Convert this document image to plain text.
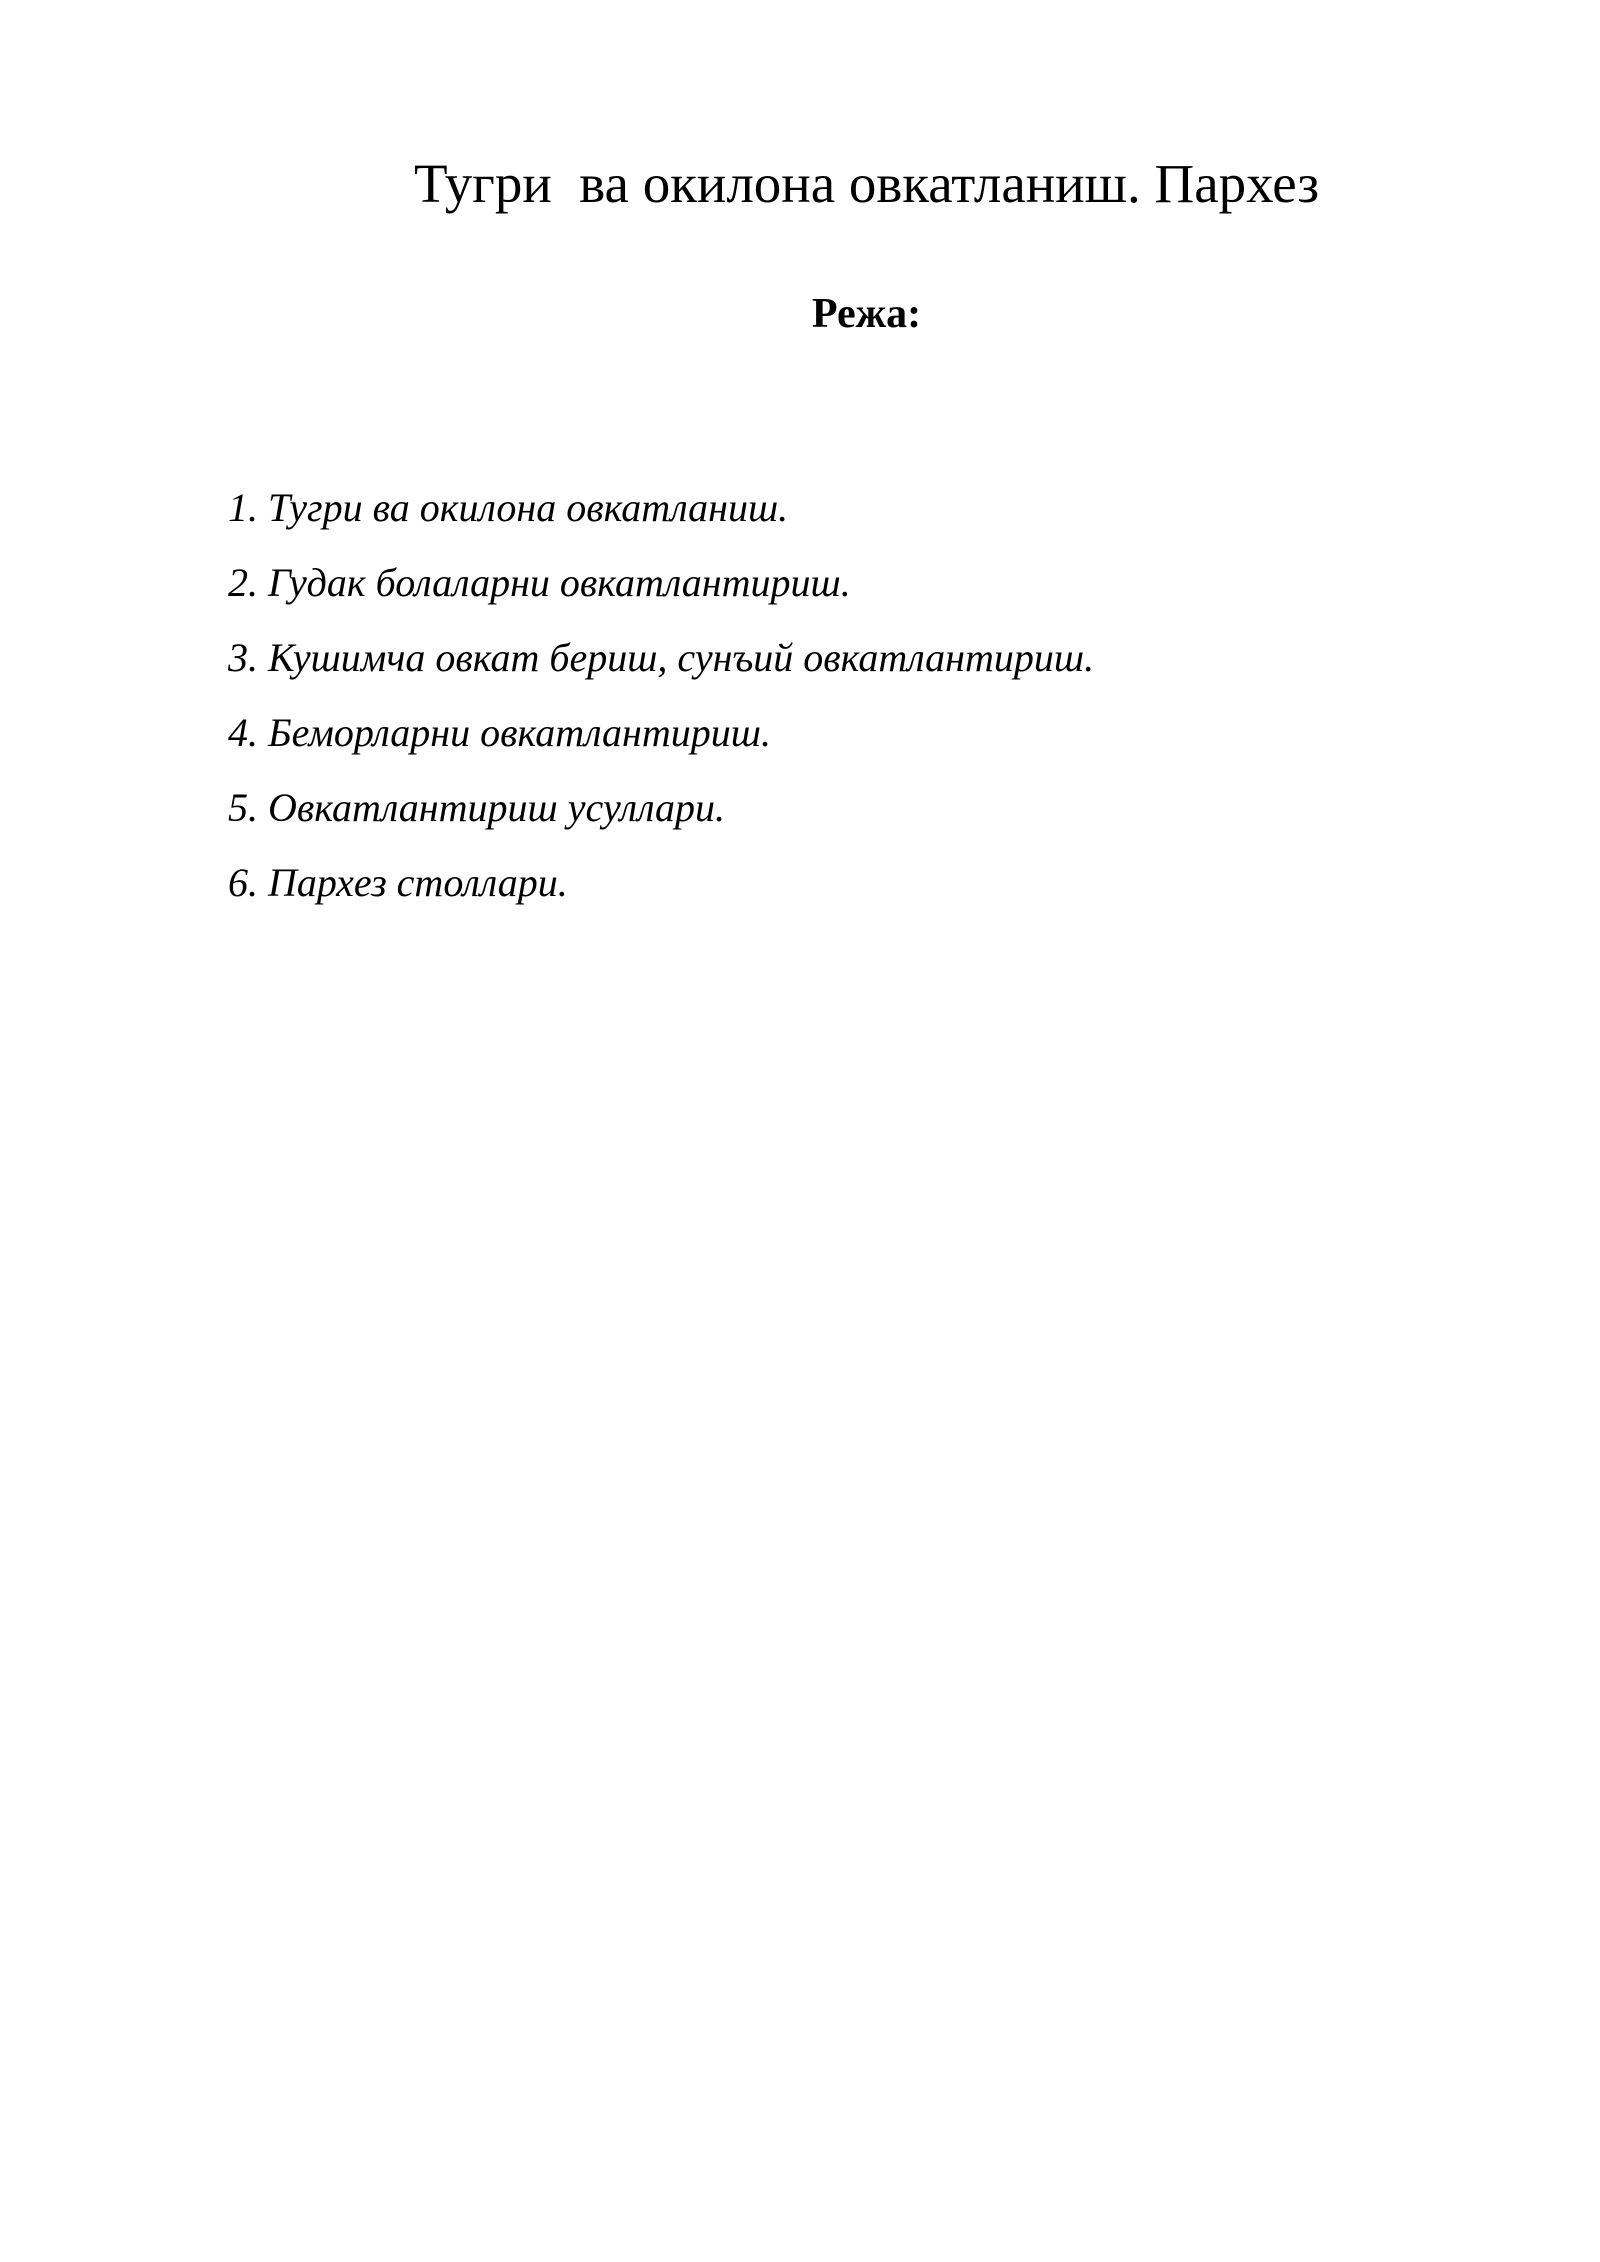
Тугри  ва окилона овкатланиш. Пархез
Режа:
1. Тугри ва окилона овкатланиш.
2. Гудак болаларни овкатлантириш.
3. Кушимча овкат бериш, сунъий овкатлантириш.
4. Беморларни овкатлантириш.
5. Овкатлантириш усуллари.
6. Пархез столлари.
